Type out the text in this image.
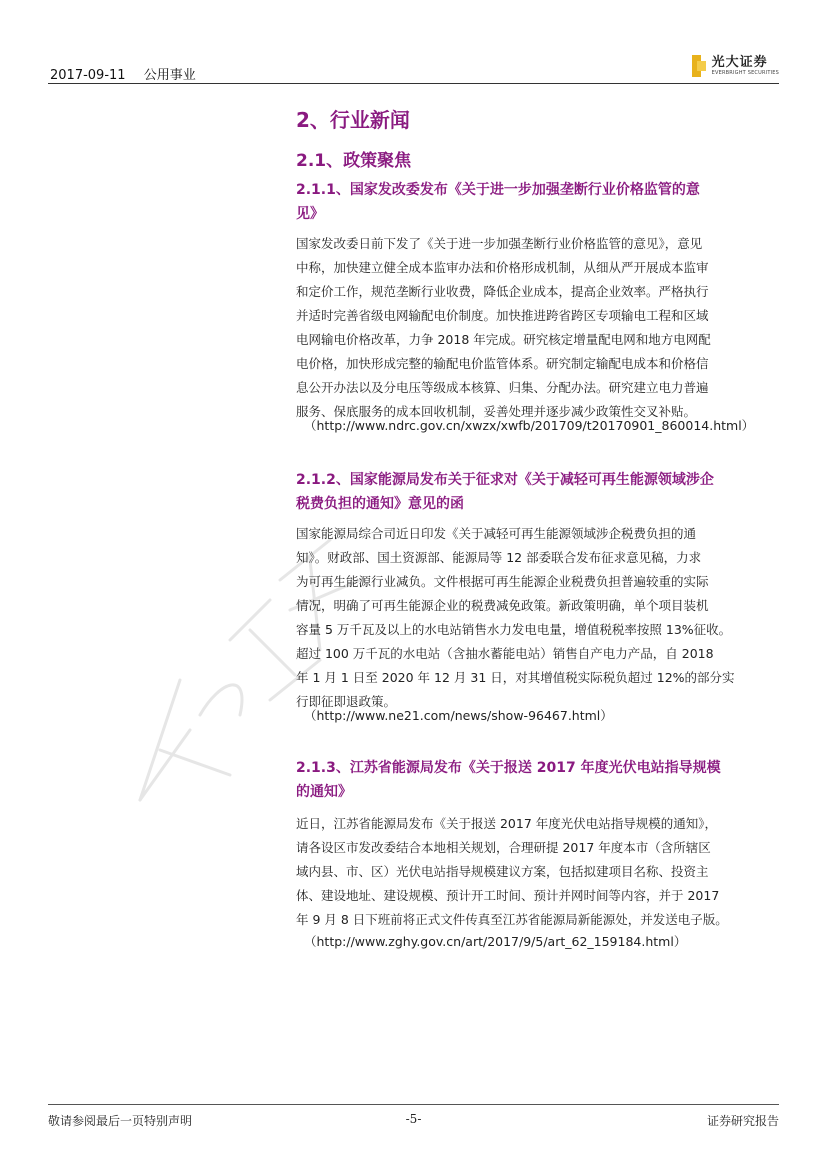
2017-09-11 公用事业
光大证券
EVERBRIGHT SECURITIES
2、行业新闻
2.1、政策聚焦
2.1.1、国家发改委发布《关于进一步加强垄断行业价格监管的意
见》
国家发改委日前下发了《关于进一步加强垄断行业价格监管的意见》，意见
中称，加快建立健全成本监审办法和价格形成机制，从细从严开展成本监审
和定价工作，规范垄断行业收费，降低企业成本，提高企业效率。严格执行
并适时完善省级电网输配电价制度。加快推进跨省跨区专项输电工程和区域
电网输电价格改革，力争 2018 年完成。研究核定增量配电网和地方电网配
电价格，加快形成完整的输配电价监管体系。研究制定输配电成本和价格信
息公开办法以及分电压等级成本核算、归集、分配办法。研究建立电力普遍
服务、保底服务的成本回收机制，妥善处理并逐步减少政策性交叉补贴。
（http://www.ndrc.gov.cn/xwzx/xwfb/201709/t20170901_860014.html）
2.1.2、国家能源局发布关于征求对《关于减轻可再生能源领域涉企
税费负担的通知》意见的函
国家能源局综合司近日印发《关于减轻可再生能源领域涉企税费负担的通
知》。财政部、国土资源部、能源局等 12 部委联合发布征求意见稿，力求
为可再生能源行业减负。文件根据可再生能源企业税费负担普遍较重的实际
情况，明确了可再生能源企业的税费减免政策。新政策明确，单个项目装机
容量 5 万千瓦及以上的水电站销售水力发电电量，增值税税率按照 13%征收。
超过 100 万千瓦的水电站（含抽水蓄能电站）销售自产电力产品，自 2018
年 1 月 1 日至 2020 年 12 月 31 日，对其增值税实际税负超过 12%的部分实
行即征即退政策。
（http://www.ne21.com/news/show-96467.html）
2.1.3、江苏省能源局发布《关于报送 2017 年度光伏电站指导规模
的通知》
近日，江苏省能源局发布《关于报送 2017 年度光伏电站指导规模的通知》，
请各设区市发改委结合本地相关规划，合理研提 2017 年度本市（含所辖区
域内县、市、区）光伏电站指导规模建议方案，包括拟建项目名称、投资主
体、建设地址、建设规模、预计开工时间、预计并网时间等内容，并于 2017
年 9 月 8 日下班前将正式文件传真至江苏省能源局新能源处，并发送电子版。
（http://www.zghy.gov.cn/art/2017/9/5/art_62_159184.html）
敬请参阅最后一页特别声明	-5-	证券研究报告
